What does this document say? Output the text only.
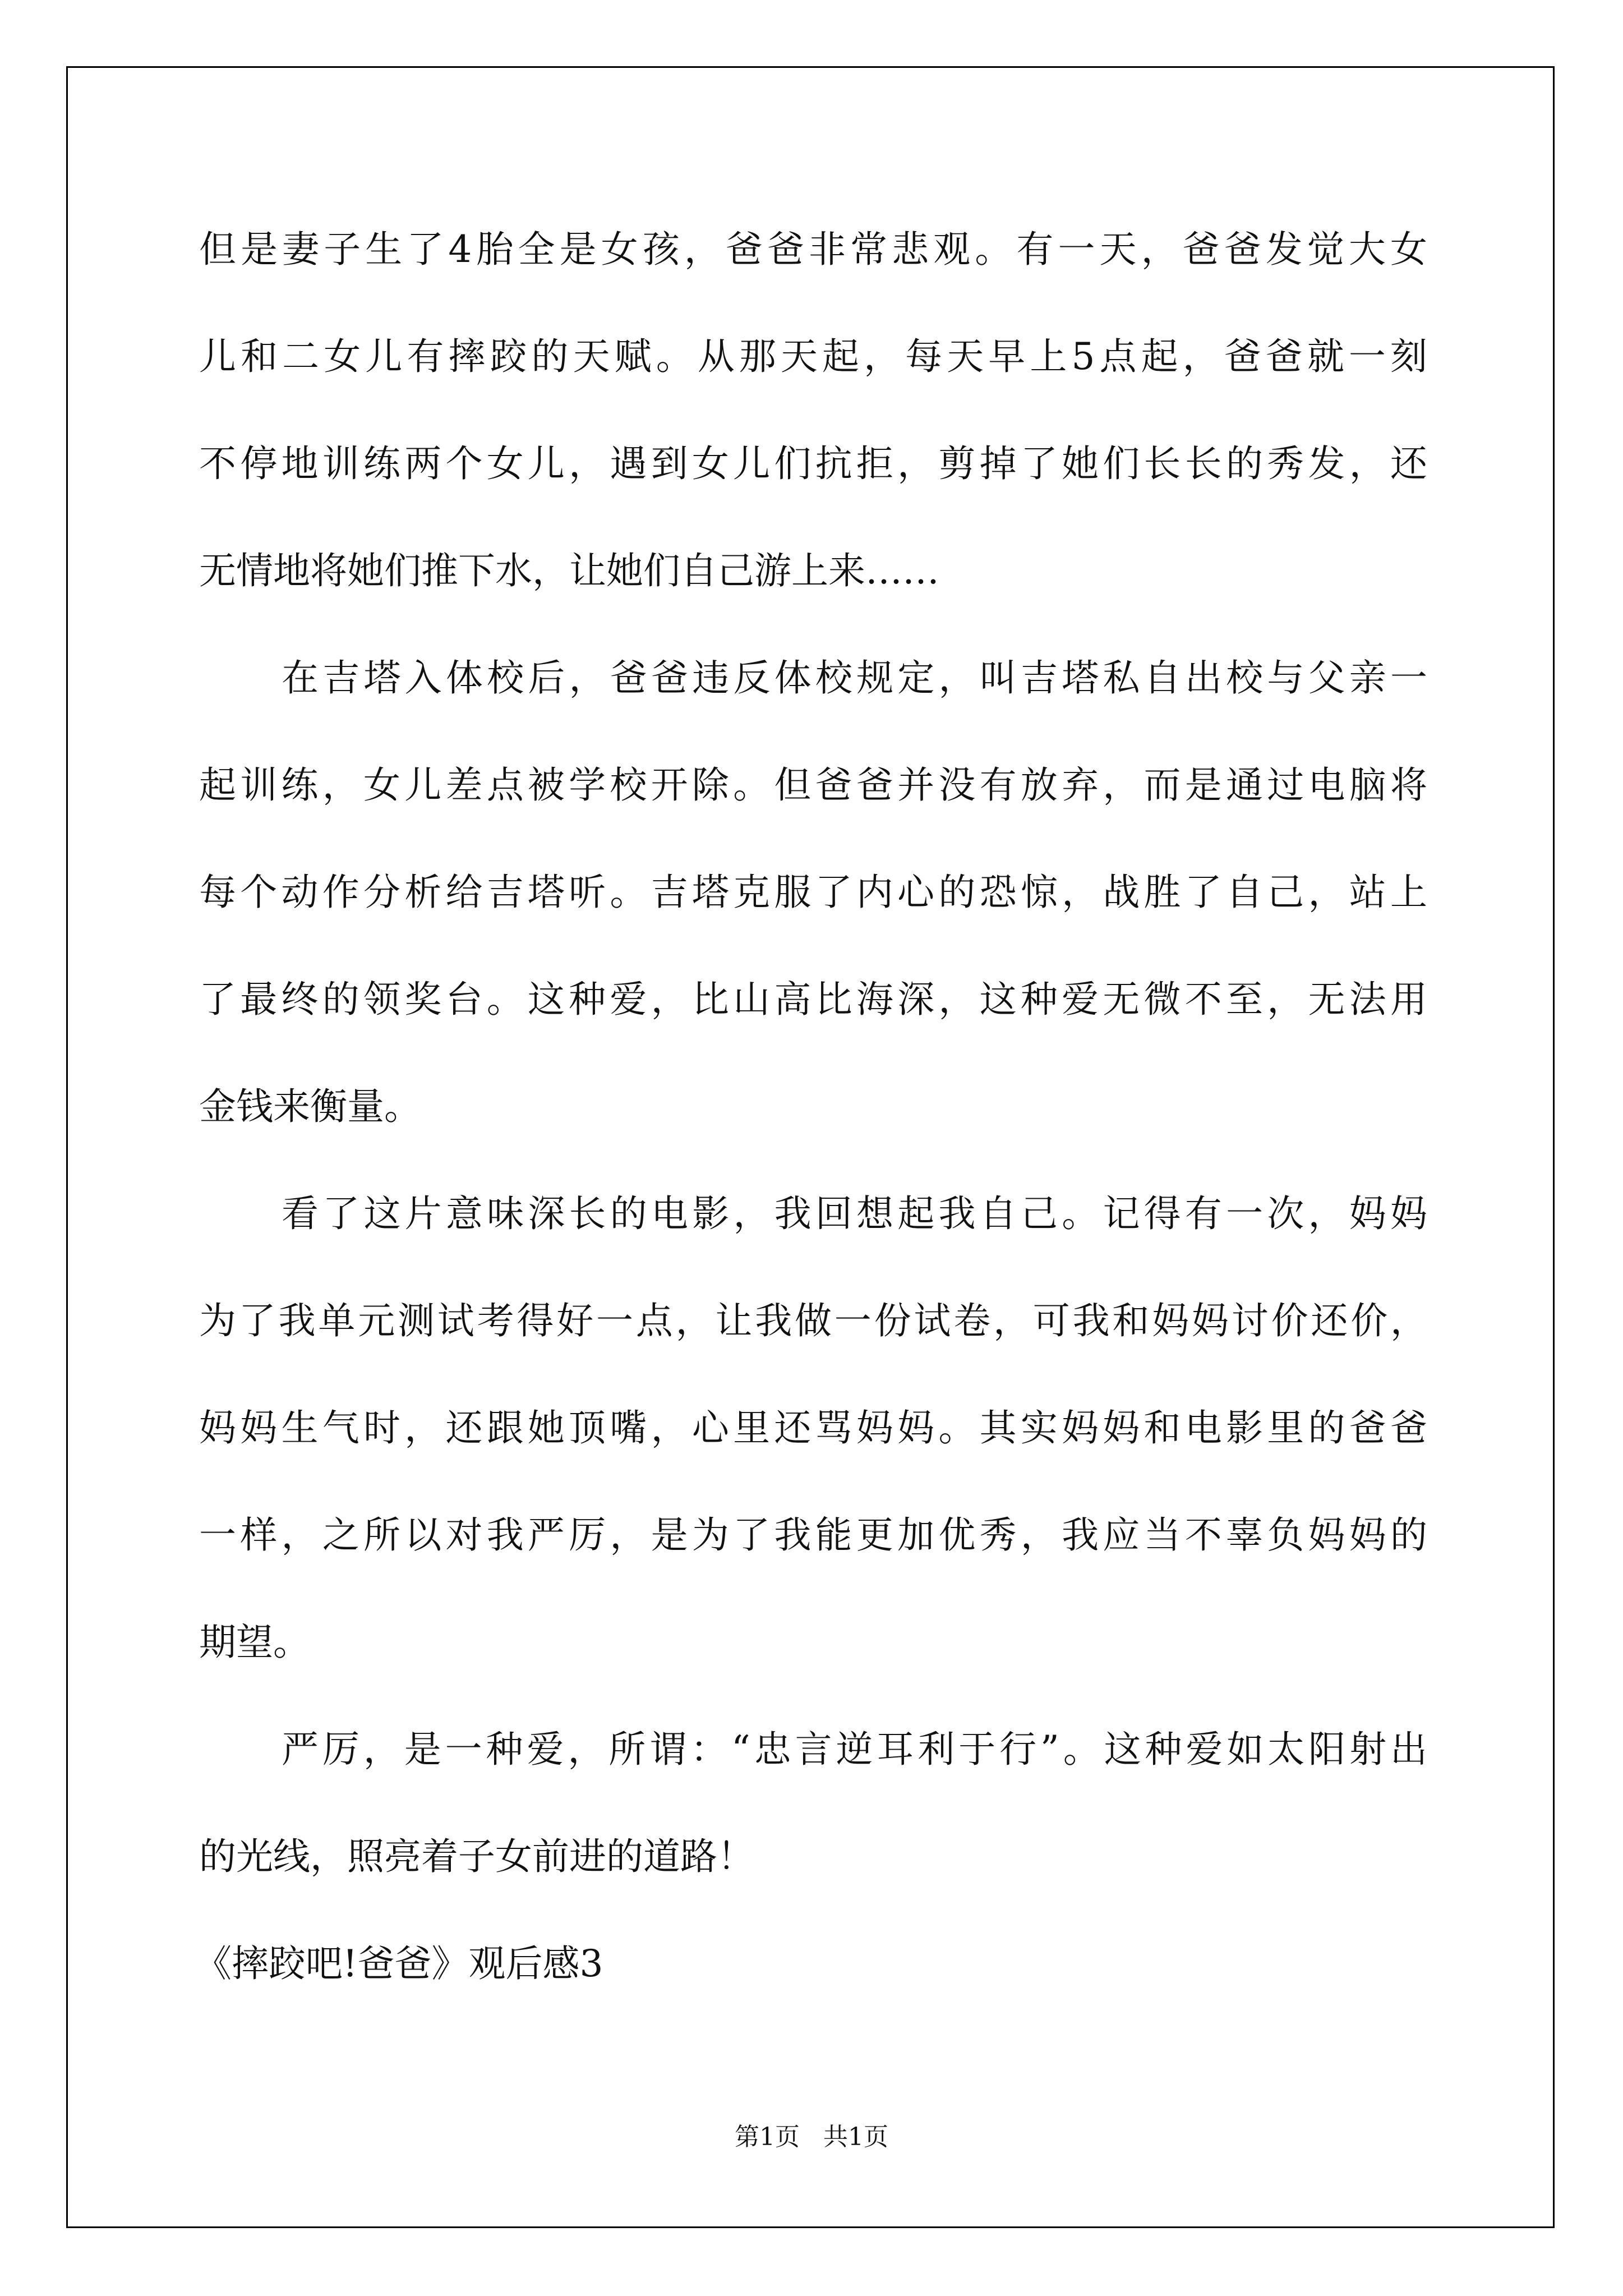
但是妻子生了4胎全是女孩，爸爸非常悲观。有一天，爸爸发觉大女
儿和二女儿有摔跤的天赋。从那天起，每天早上5点起，爸爸就一刻
不停地训练两个女儿，遇到女儿们抗拒，剪掉了她们长长的秀发，还
无情地将她们推下水，让她们自己游上来……
在吉塔入体校后，爸爸违反体校规定，叫吉塔私自出校与父亲一
起训练，女儿差点被学校开除。但爸爸并没有放弃，而是通过电脑将
每个动作分析给吉塔听。吉塔克服了内心的恐惊，战胜了自己，站上
了最终的领奖台。这种爱，比山高比海深，这种爱无微不至，无法用
金钱来衡量。
看了这片意味深长的电影，我回想起我自己。记得有一次，妈妈
为了我单元测试考得好一点，让我做一份试卷，可我和妈妈讨价还价，
妈妈生气时，还跟她顶嘴，心里还骂妈妈。其实妈妈和电影里的爸爸
一样，之所以对我严厉，是为了我能更加优秀，我应当不辜负妈妈的
期望。
严厉，是一种爱，所谓：“忠言逆耳利于行”。这种爱如太阳射出
的光线，照亮着子女前进的道路！
《摔跤吧!爸爸》观后感3
第1页   共1页
